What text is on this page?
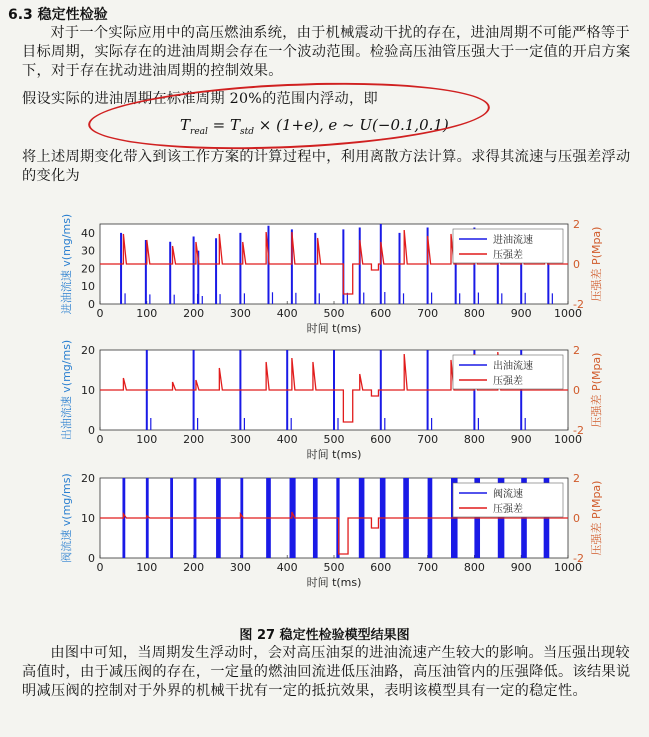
6.3 稳定性检验
对于一个实际应用中的高压燃油系统，由于机械震动干扰的存在，进油周期不可能严格等于目标周期，实际存在的进油周期会存在一个波动范围。检验高压油管压强大于一定值的开启方案下，对于存在扰动进油周期的控制效果。
假设实际的进油周期在标准周期 20%的范围内浮动，即
$T_{real} = T_{std} \times (1+e)$, e ~ U(−0.1,0.1)
将上述周期变化带入到该工作方案的计算过程中，利用离散方法计算。求得其流速与压强差浮动的变化为
0	100 200 300 400 500 600 700 800 900 1000
0
10
20
30
40
-2
0
2
时间 t(ms)
进油流速 v(mg/ms)	压强差 P(Mpa)
进油流速
压强差
0	100 200 300 400 500 600 700 800 900 1000
0
10
20
-2
0
2
时间 t(ms)
出油流速 v(mg/ms)	压强差 P(Mpa)
出油流速
压强差
0	100 200 300 400 500 600 700 800 900 1000
0
10
20
-2
0
2
时间 t(ms)
阀流速 v(mg/ms)	压强差 P(Mpa)
阀流速
压强差
图 27 稳定性检验模型结果图
由图中可知，当周期发生浮动时，会对高压油泵的进油流速产生较大的影响。当压强出现较高值时，由于减压阀的存在，一定量的燃油回流进低压油路，高压油管内的压强降低。该结果说明减压阀的控制对于外界的机械干扰有一定的抵抗效果，表明该模型具有一定的稳定性。
